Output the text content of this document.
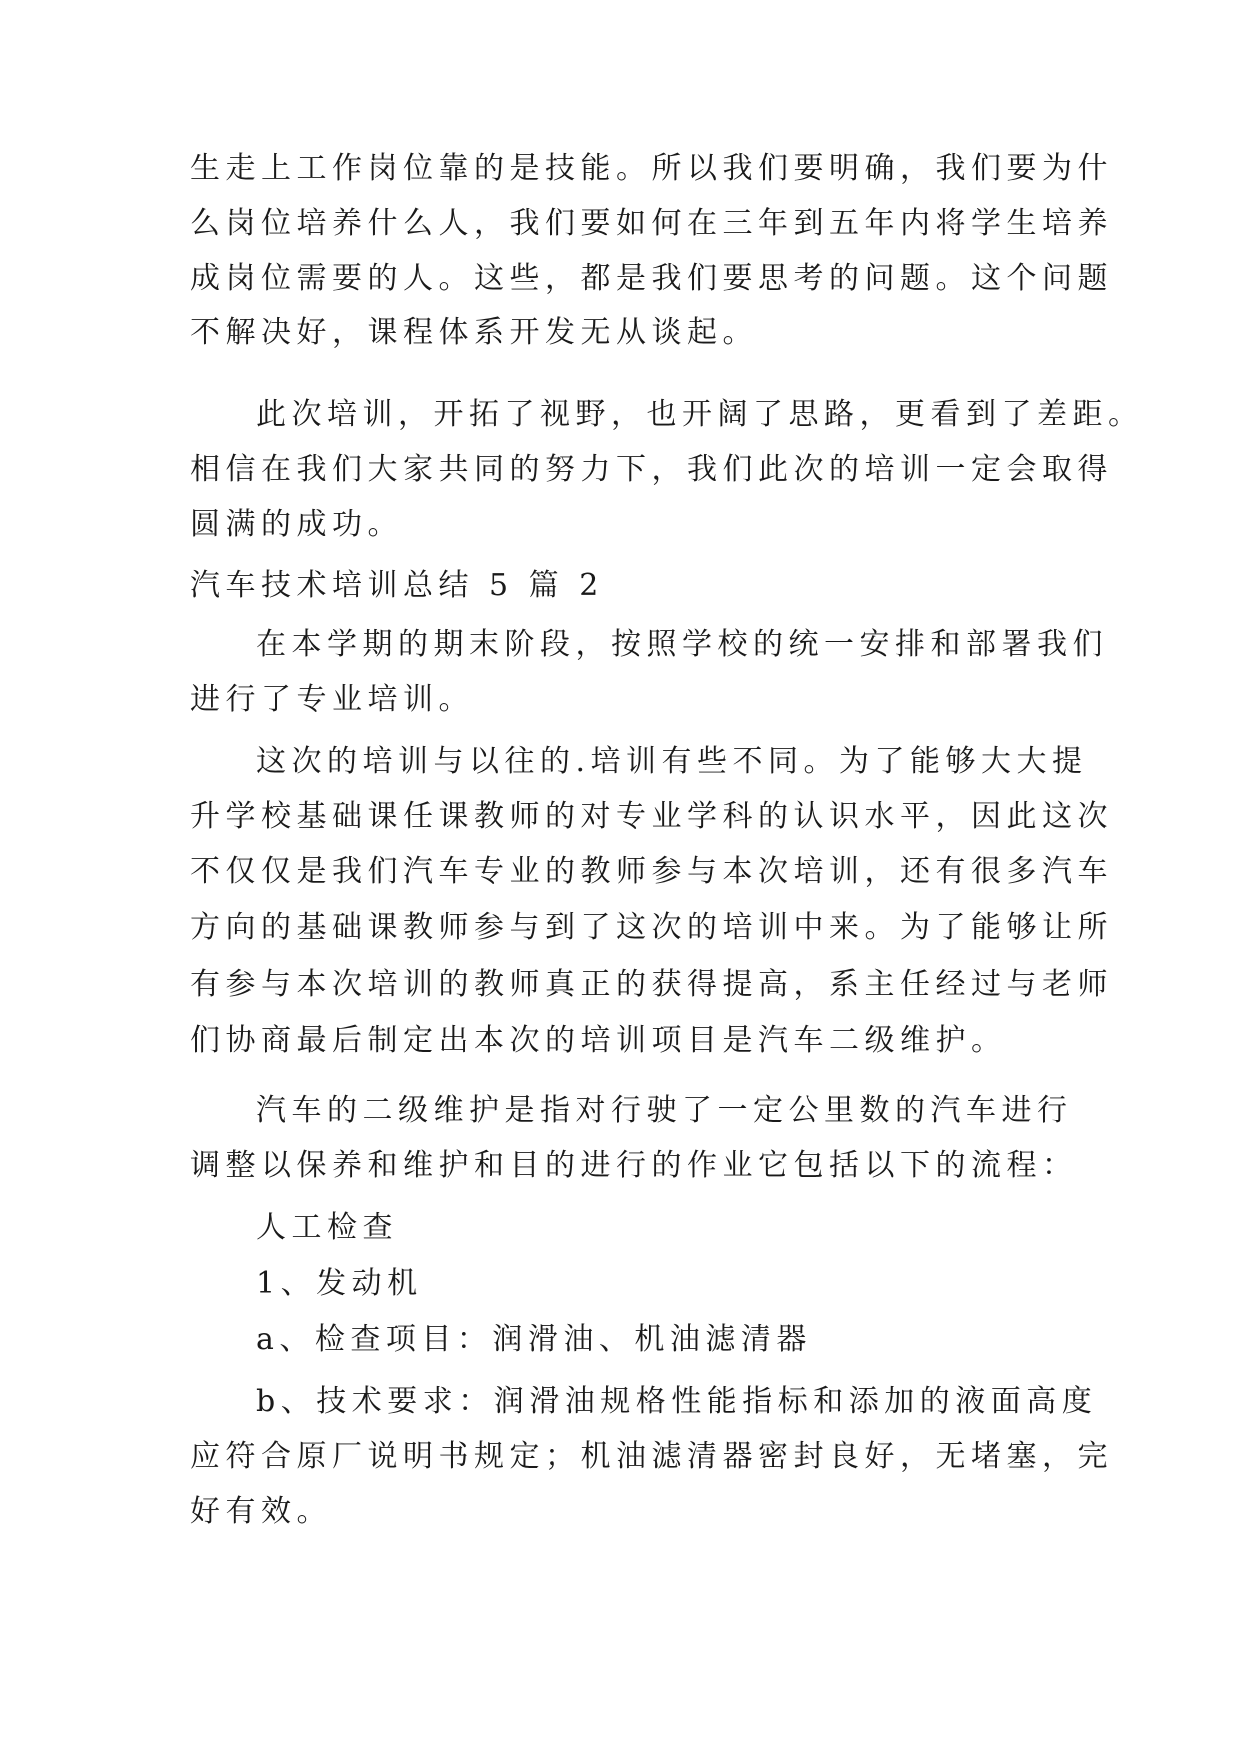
生走上工作岗位靠的是技能。所以我们要明确，我们要为什
么岗位培养什么人，我们要如何在三年到五年内将学生培养
成岗位需要的人。这些，都是我们要思考的问题。这个问题
不解决好，课程体系开发无从谈起。
此次培训，开拓了视野，也开阔了思路，更看到了差距。
相信在我们大家共同的努力下，我们此次的培训一定会取得
圆满的成功。
汽车技术培训总结 5 篇 2
在本学期的期末阶段，按照学校的统一安排和部署我们
进行了专业培训。
这次的培训与以往的.培训有些不同。为了能够大大提
升学校基础课任课教师的对专业学科的认识水平，因此这次
不仅仅是我们汽车专业的教师参与本次培训，还有很多汽车
方向的基础课教师参与到了这次的培训中来。为了能够让所
有参与本次培训的教师真正的获得提高，系主任经过与老师
们协商最后制定出本次的培训项目是汽车二级维护。
汽车的二级维护是指对行驶了一定公里数的汽车进行
调整以保养和维护和目的进行的作业它包括以下的流程：
人工检查
1、发动机
a、检查项目：润滑油、机油滤清器
b、技术要求：润滑油规格性能指标和添加的液面高度
应符合原厂说明书规定；机油滤清器密封良好，无堵塞，完
好有效。
